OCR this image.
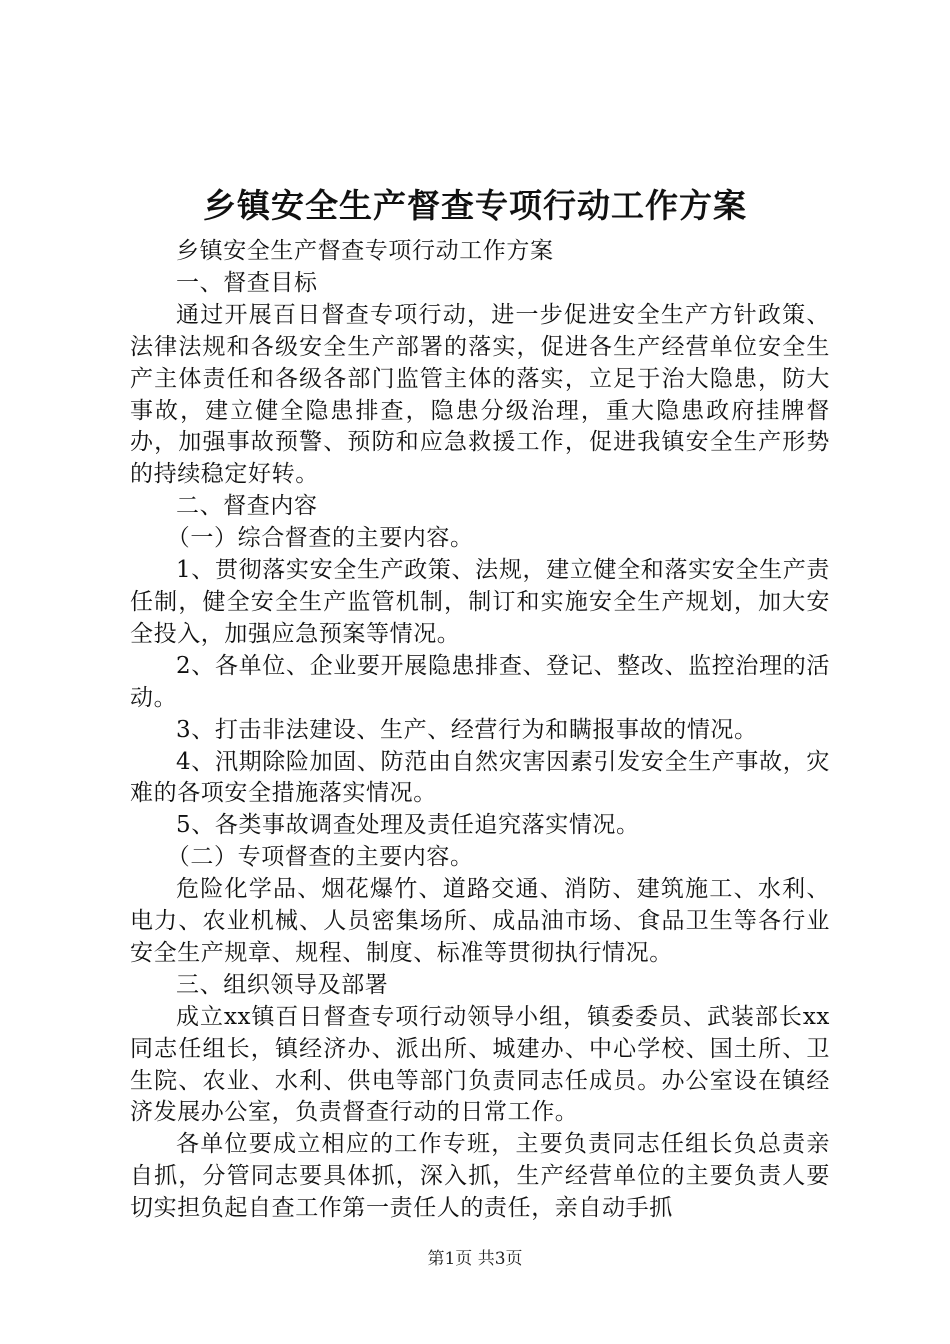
乡镇安全生产督查专项行动工作方案

乡镇安全生产督查专项行动工作方案

一、督查目标

通过开展百日督查专项行动，进一步促进安全生产方针政策、法律法规和各级安全生产部署的落实，促进各生产经营单位安全生产主体责任和各级各部门监管主体的落实，立足于治大隐患，防大事故，建立健全隐患排查，隐患分级治理，重大隐患政府挂牌督办，加强事故预警、预防和应急救援工作，促进我镇安全生产形势的持续稳定好转。

二、督查内容

（一）综合督查的主要内容。

1、贯彻落实安全生产政策、法规，建立健全和落实安全生产责任制，健全安全生产监管机制，制订和实施安全生产规划，加大安全投入，加强应急预案等情况。

2、各单位、企业要开展隐患排查、登记、整改、监控治理的活动。

3、打击非法建设、生产、经营行为和瞒报事故的情况。

4、汛期除险加固、防范由自然灾害因素引发安全生产事故，灾难的各项安全措施落实情况。

5、各类事故调查处理及责任追究落实情况。

（二）专项督查的主要内容。

危险化学品、烟花爆竹、道路交通、消防、建筑施工、水利、电力、农业机械、人员密集场所、成品油市场、食品卫生等各行业安全生产规章、规程、制度、标准等贯彻执行情况。

三、组织领导及部署

成立xx镇百日督查专项行动领导小组，镇委委员、武装部长xx同志任组长，镇经济办、派出所、城建办、中心学校、国土所、卫生院、农业、水利、供电等部门负责同志任成员。办公室设在镇经济发展办公室，负责督查行动的日常工作。

各单位要成立相应的工作专班，主要负责同志任组长负总责亲自抓，分管同志要具体抓，深入抓，生产经营单位的主要负责人要切实担负起自查工作第一责任人的责任，亲自动手抓

第1页 共3页
